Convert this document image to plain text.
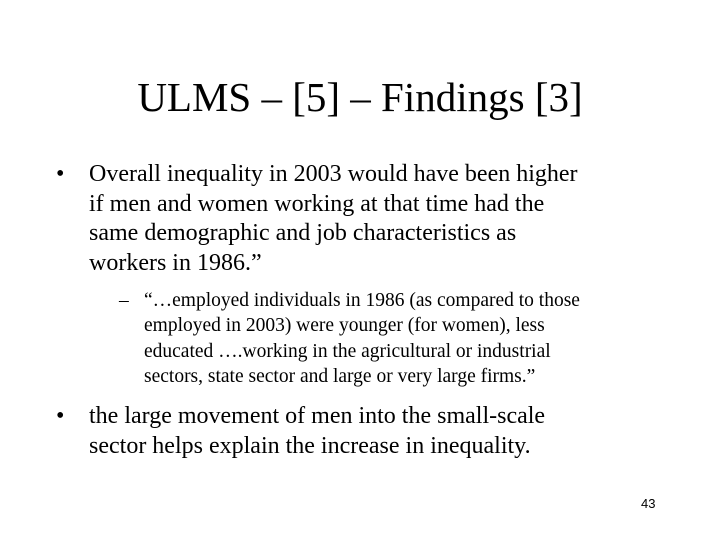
ULMS – [5] – Findings [3]
• Overall inequality in 2003 would have been higher
if men and women working at that time had the
same demographic and job characteristics as
workers in 1986.”
– “…employed individuals in 1986 (as compared to those
employed in 2003) were younger (for women), less
educated ….working in the agricultural or industrial
sectors, state sector and large or very large firms.”
• the large movement of men into the small-scale
sector helps explain the increase in inequality.
43
